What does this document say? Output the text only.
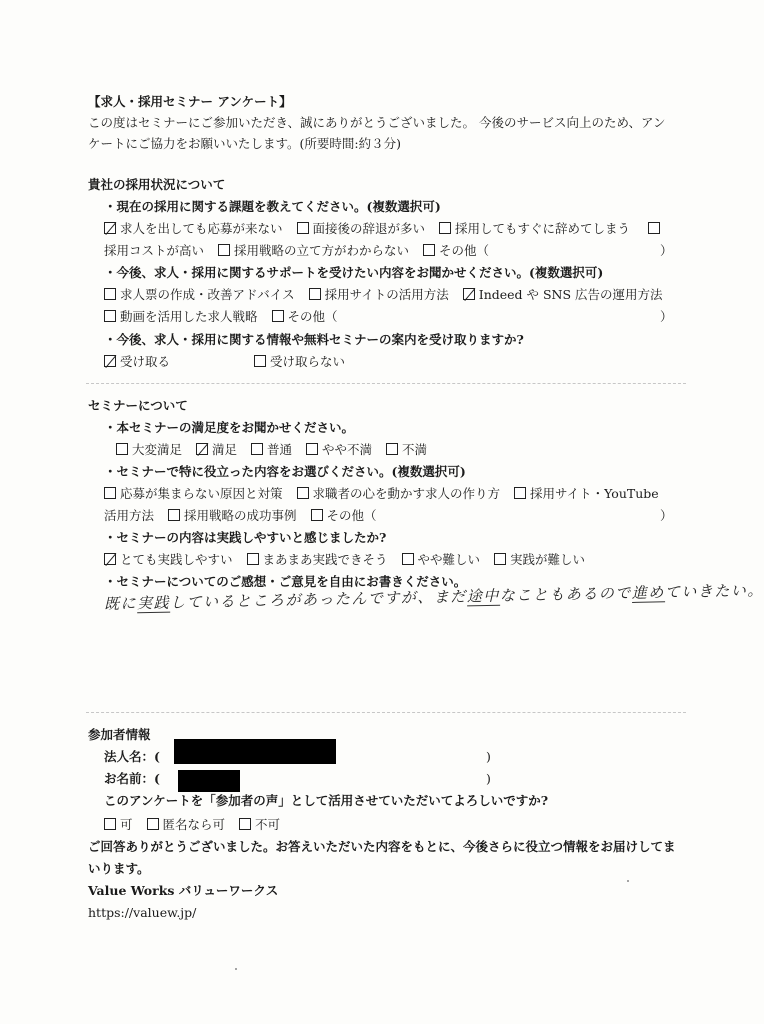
【求人・採用セミナー アンケート】
この度はセミナーにご参加いただき、誠にありがとうございました。 今後のサービス向上のため、アン
ケートにご協力をお願いいたします。(所要時間:約３分)
貴社の採用状況について
・現在の採用に関する課題を教えてください。(複数選択可)
求人を出しても応募が来ない 面接後の辞退が多い 採用してもすぐに辞めてしまう
採用コストが高い 採用戦略の立て方がわからない その他（	）
・今後、求人・採用に関するサポートを受けたい内容をお聞かせください。(複数選択可)
求人票の作成・改善アドバイス 採用サイトの活用方法 Indeed や SNS 広告の運用方法
動画を活用した求人戦略 その他（	）
・今後、求人・採用に関する情報や無料セミナーの案内を受け取りますか?
受け取る	受け取らない
セミナーについて
・本セミナーの満足度をお聞かせください。
大変満足 満足 普通 やや不満 不満
・セミナーで特に役立った内容をお選びください。(複数選択可)
応募が集まらない原因と対策 求職者の心を動かす求人の作り方 採用サイト・YouTube
活用方法 採用戦略の成功事例 その他（	）
・セミナーの内容は実践しやすいと感じましたか?
とても実践しやすい まあまあ実践できそう やや難しい 実践が難しい
・セミナーについてのご感想・ご意見を自由にお書きください。
既に実践しているところがあったんですが、まだ途中なこともあるので進めていきたい。
参加者情報
法人名：(	)
お名前：(	)
このアンケートを「参加者の声」として活用させていただいてよろしいですか?
可 匿名なら可 不可
ご回答ありがとうございました。お答えいただいた内容をもとに、今後さらに役立つ情報をお届けしてま
いります。
Value Works バリューワークス
https://valuew.jp/
